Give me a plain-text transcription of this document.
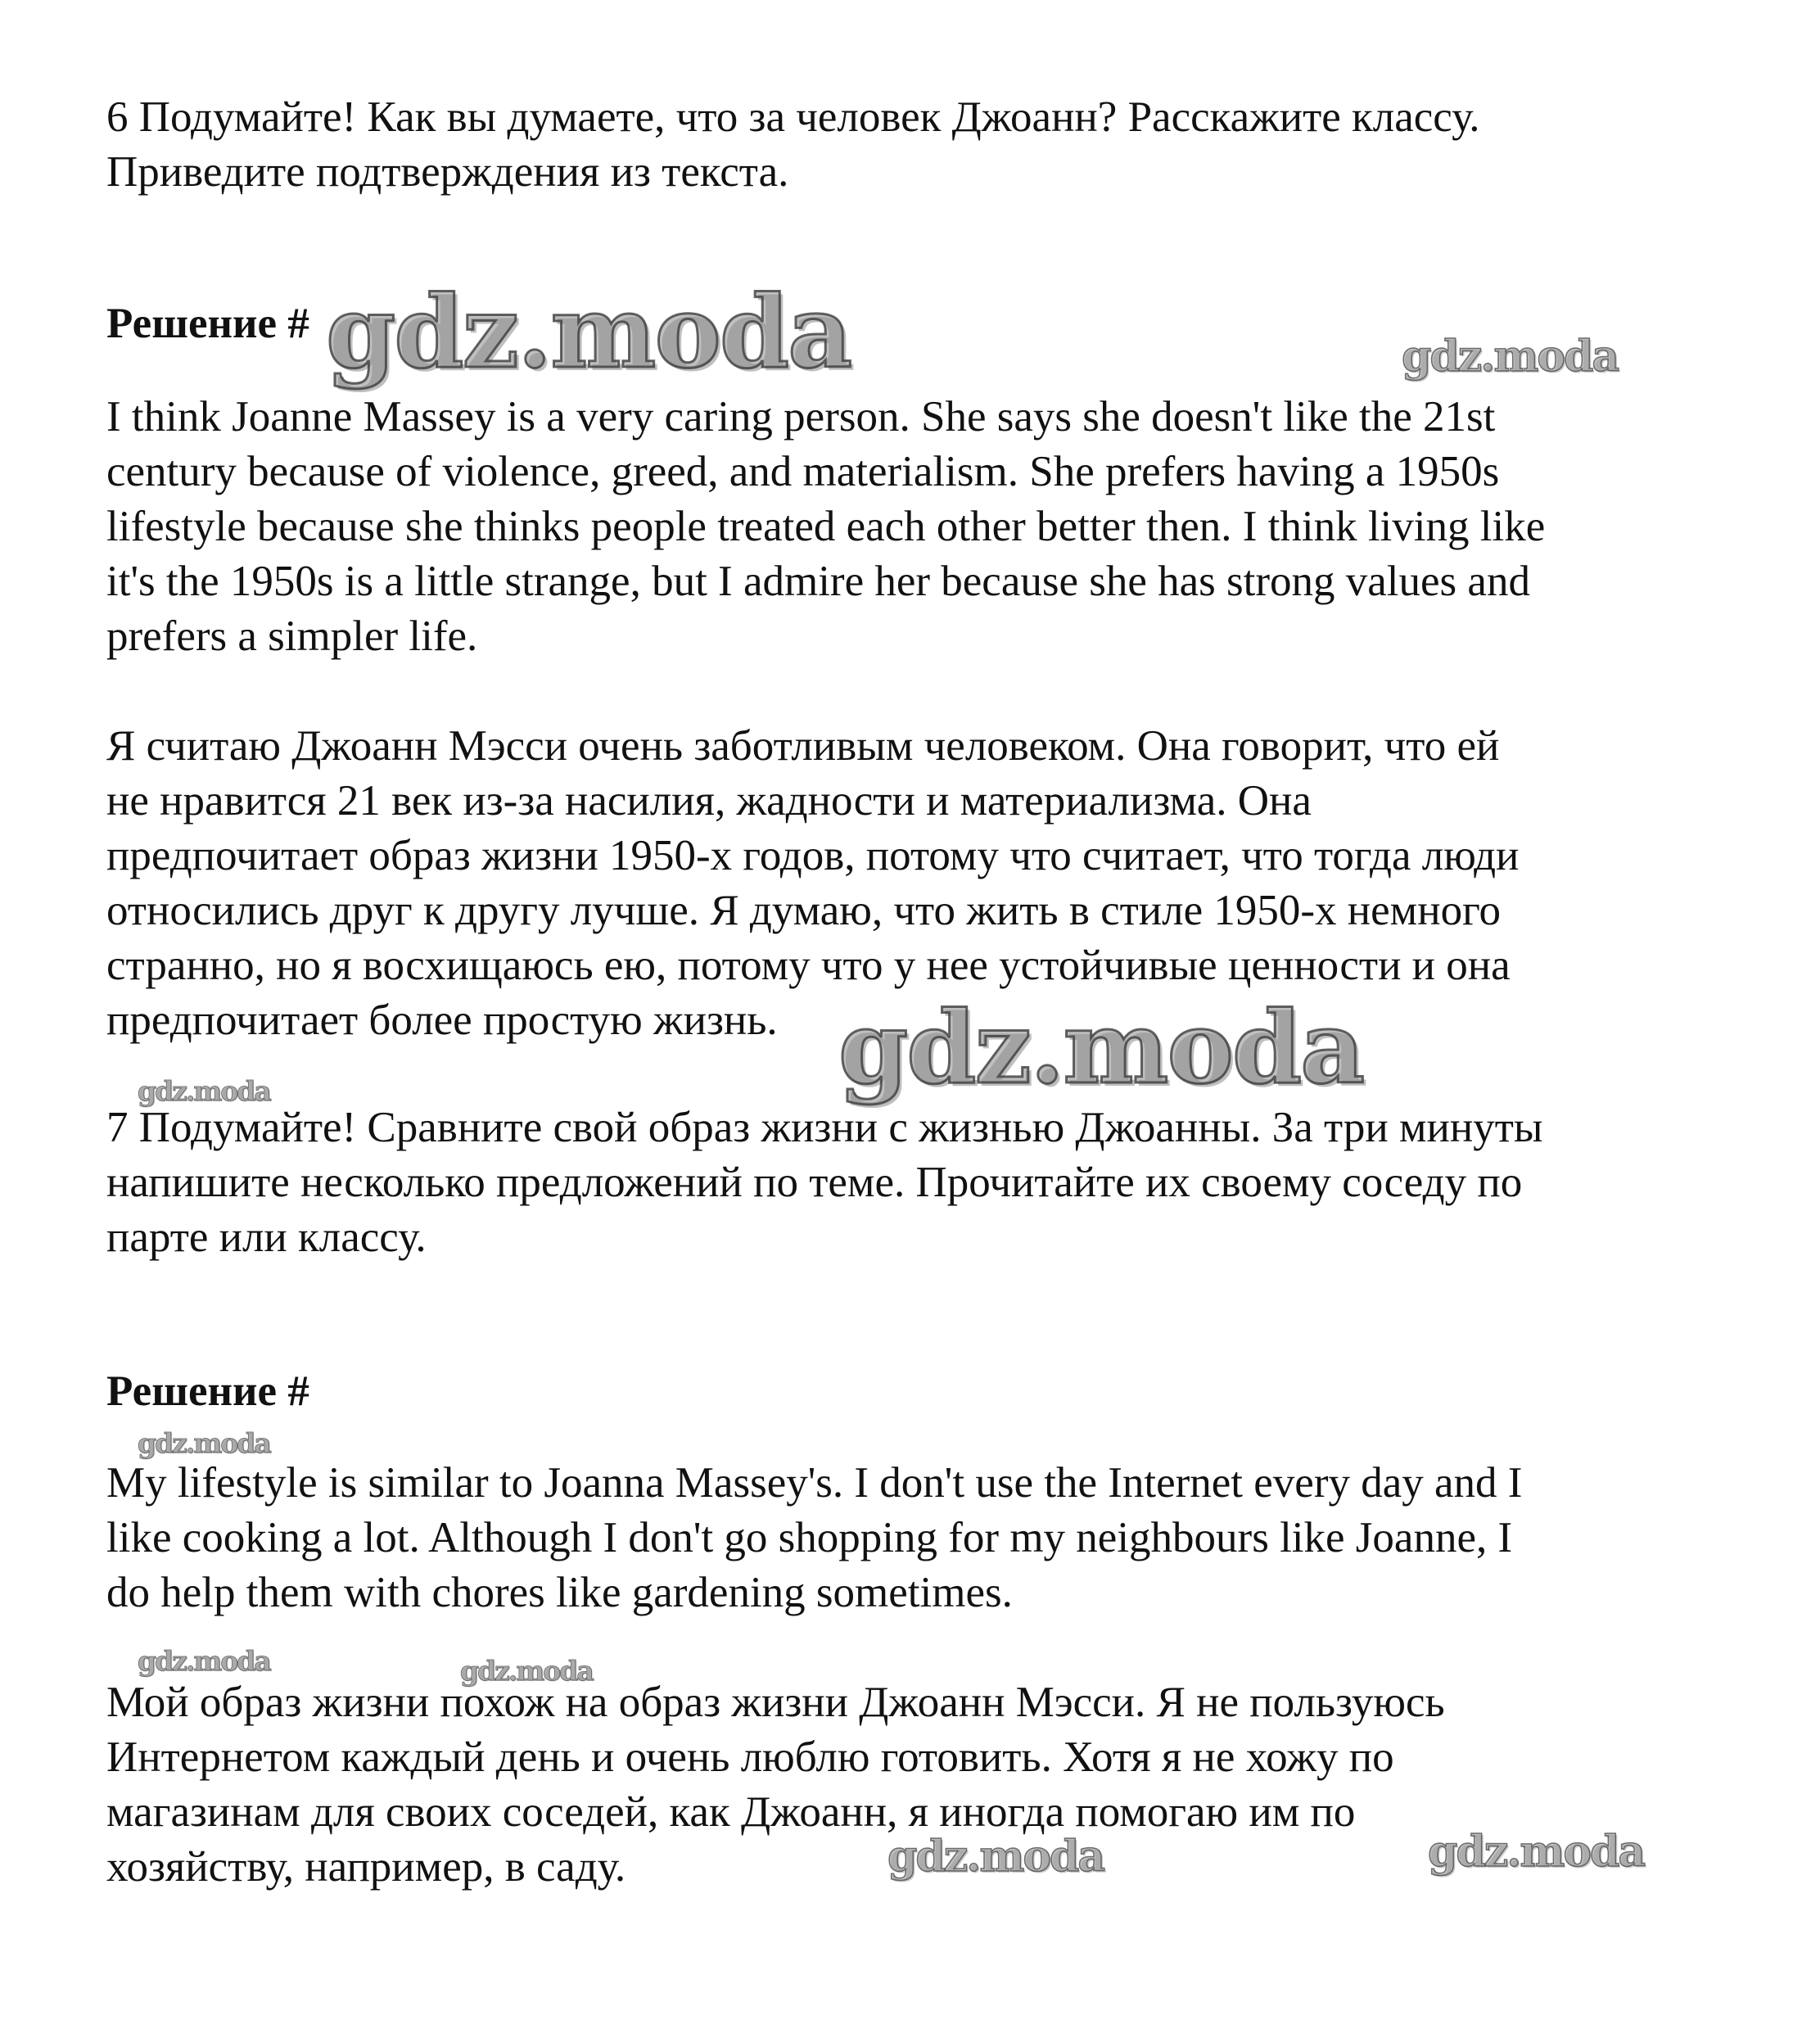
6 Подумайте! Как вы думаете, что за человек Джоанн? Расскажите классу.
Приведите подтверждения из текста.

Решение #

I think Joanne Massey is a very caring person. She says she doesn't like the 21st
century because of violence, greed, and materialism. She prefers having a 1950s
lifestyle because she thinks people treated each other better then. I think living like
it's the 1950s is a little strange, but I admire her because she has strong values and
prefers a simpler life.

Я считаю Джоанн Мэсси очень заботливым человеком. Она говорит, что ей
не нравится 21 век из-за насилия, жадности и материализма. Она
предпочитает образ жизни 1950-х годов, потому что считает, что тогда люди
относились друг к другу лучше. Я думаю, что жить в стиле 1950-х немного
странно, но я восхищаюсь ею, потому что у нее устойчивые ценности и она
предпочитает более простую жизнь.

7 Подумайте! Сравните свой образ жизни с жизнью Джоанны. За три минуты
напишите несколько предложений по теме. Прочитайте их своему соседу по
парте или классу.

Решение #

My lifestyle is similar to Joanna Massey's. I don't use the Internet every day and I
like cooking a lot. Although I don't go shopping for my neighbours like Joanne, I
do help them with chores like gardening sometimes.

Мой образ жизни похож на образ жизни Джоанн Мэсси. Я не пользуюсь
Интернетом каждый день и очень люблю готовить. Хотя я не хожу по
магазинам для своих соседей, как Джоанн, я иногда помогаю им по
хозяйству, например, в саду.

gdz.moda	gdz.moda
gdz.moda
gdz.moda
gdz.moda
gdz.moda	gdz.moda
gdz.moda	gdz.moda
